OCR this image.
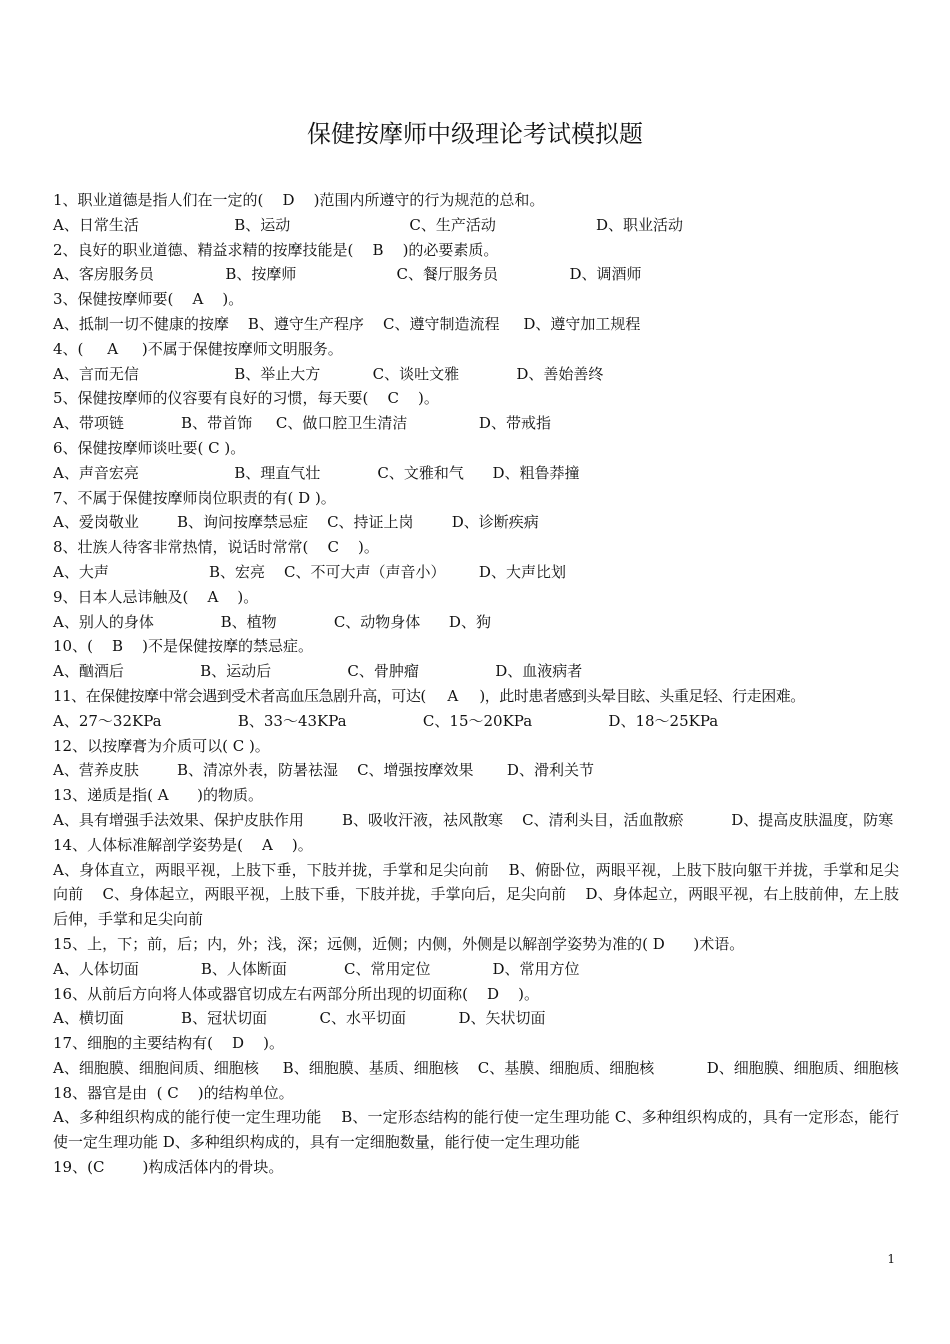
保健按摩师中级理论考试模拟题
1、职业道德是指人们在一定的(    D    )范围内所遵守的行为规范的总和。
A、日常生活                    B、运动                         C、生产活动                     D、职业活动
2、良好的职业道德、精益求精的按摩技能是(    B    )的必要素质。
A、客房服务员               B、按摩师                     C、餐厅服务员               D、调酒师
3、保健按摩师要(    A    )。
A、抵制一切不健康的按摩    B、遵守生产程序    C、遵守制造流程     D、遵守加工规程
4、(     A     )不属于保健按摩师文明服务。
A、言而无信                    B、举止大方           C、谈吐文雅            D、善始善终
5、保健按摩师的仪容要有良好的习惯，每天要(    C    )。
A、带项链            B、带首饰     C、做口腔卫生清洁               D、带戒指
6、保健按摩师谈吐要( C )。
A、声音宏亮                    B、理直气壮            C、文雅和气      D、粗鲁莽撞
7、不属于保健按摩师岗位职责的有( D )。
A、爱岗敬业        B、询问按摩禁忌症    C、持证上岗        D、诊断疾病
8、壮族人待客非常热情，说话时常常(    C    )。
A、大声                     B、宏亮    C、不可大声（声音小）       D、大声比划
9、日本人忌讳触及(    A    )。
A、别人的身体              B、植物            C、动物身体      D、狗
10、(    B    )不是保健按摩的禁忌症。
A、酗酒后                B、运动后                C、骨肿瘤                D、血液病者
11、在保健按摩中常会遇到受术者高血压急剧升高，可达(     A     )，此时患者感到头晕目眩、头重足轻、行走困难。
A、27～32KPa                B、33～43KPa                C、15～20KPa                D、18～25KPa
12、以按摩膏为介质可以( C )。
A、营养皮肤        B、清凉外表，防暑祛湿    C、增强按摩效果       D、滑利关节
13、递质是指( A      )的物质。
A、具有增强手法效果、保护皮肤作用        B、吸收汗液，祛风散寒    C、清利头目，活血散瘀          D、提高皮肤温度，防寒
14、人体标准解剖学姿势是(    A    )。
A、身体直立，两眼平视，上肢下垂，下肢并拢，手掌和足尖向前    B、俯卧位，两眼平视，上肢下肢向躯干并拢，手掌和足尖向前    C、身体起立，两眼平视，上肢下垂，下肢并拢，手掌向后，足尖向前    D、身体起立，两眼平视，右上肢前伸，左上肢后伸，手掌和足尖向前
15、上，下；前，后；内，外；浅，深；远侧，近侧；内侧，外侧是以解剖学姿势为准的( D      )术语。
A、人体切面             B、人体断面            C、常用定位             D、常用方位
16、从前后方向将人体或器官切成左右两部分所出现的切面称(    D    )。
A、横切面            B、冠状切面           C、水平切面           D、矢状切面
17、细胞的主要结构有(    D    )。
A、细胞膜、细胞间质、细胞核     B、细胞膜、基质、细胞核    C、基膜、细胞质、细胞核           D、细胞膜、细胞质、细胞核
18、器官是由  ( C    )的结构单位。
A、多种组织构成的能行使一定生理功能    B、一定形态结构的能行使一定生理功能 C、多种组织构成的，具有一定形态，能行使一定生理功能 D、多种组织构成的，具有一定细胞数量，能行使一定生理功能
19、(C        )构成活体内的骨块。
1
